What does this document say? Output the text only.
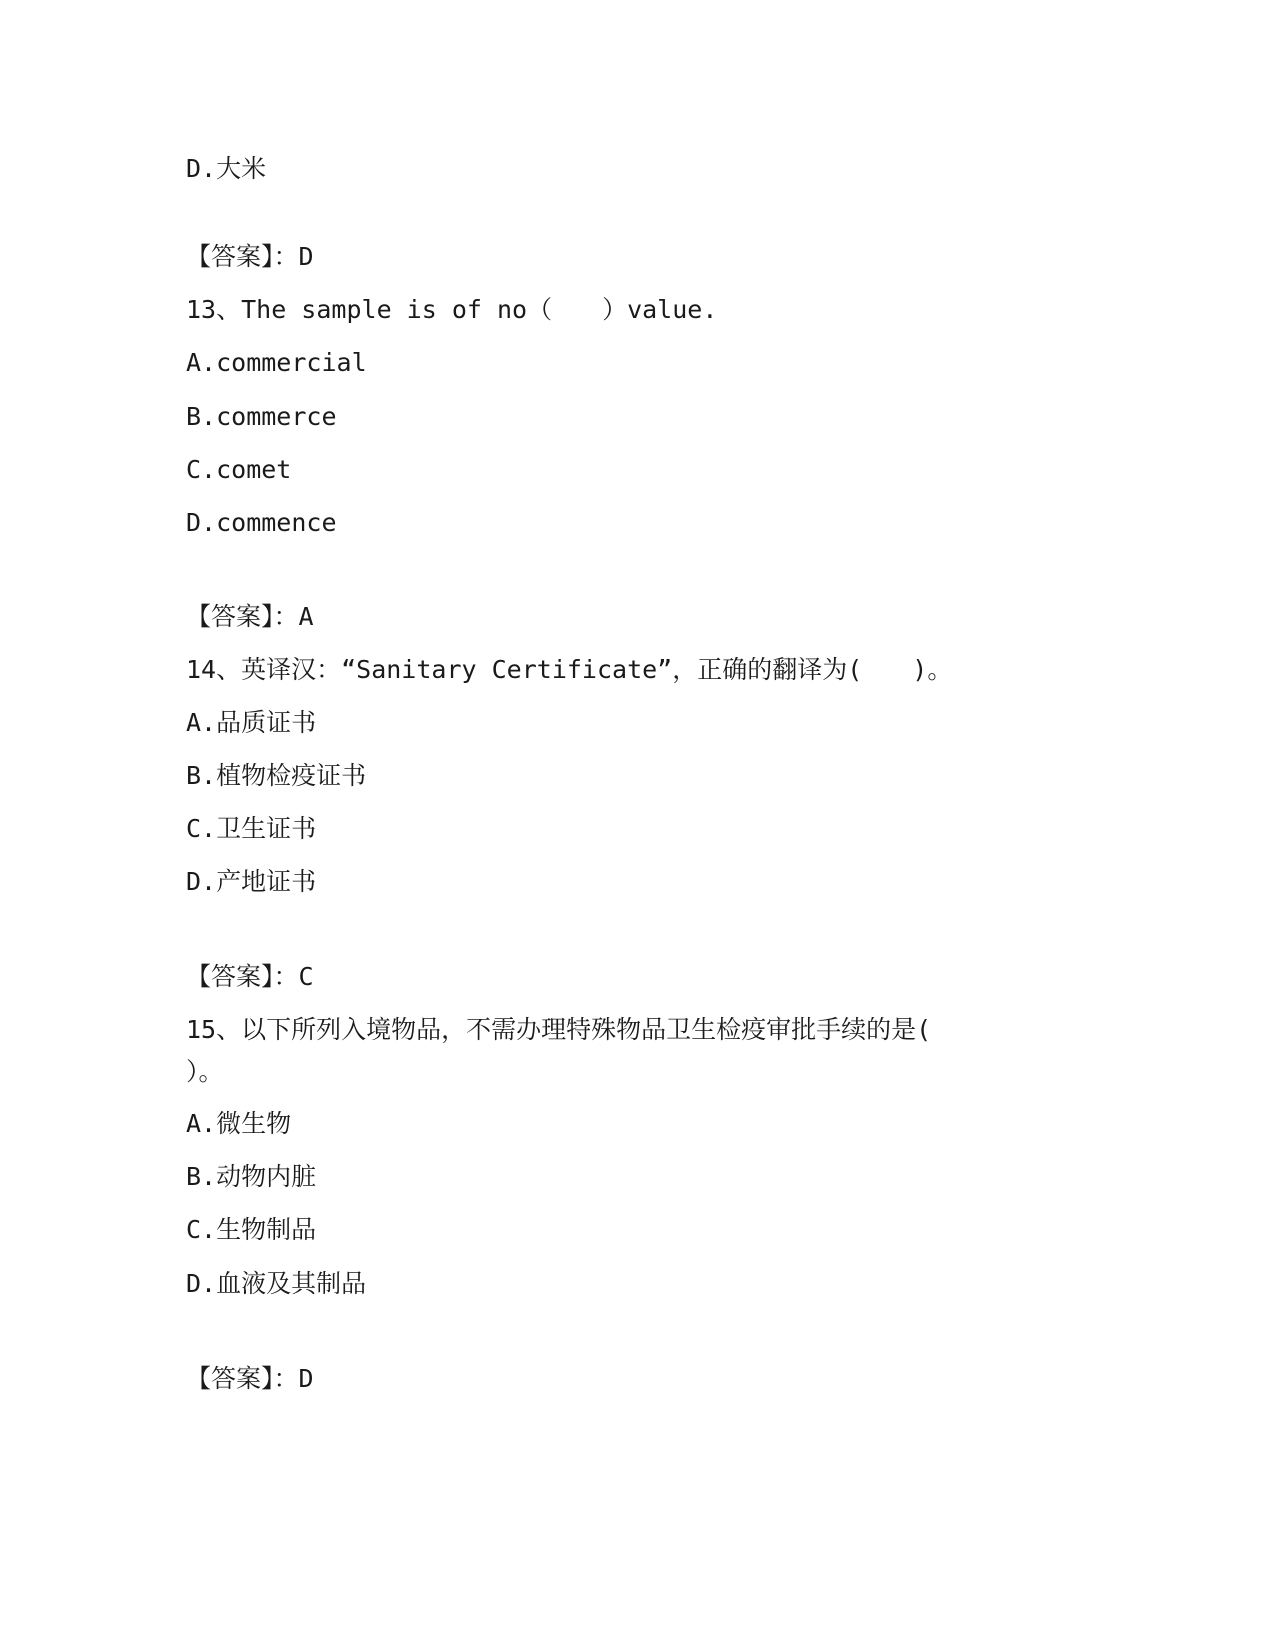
D.大米
【答案】：D
13、The sample is of no（　　）value.
A.commercial
B.commerce
C.comet
D.commence
【答案】：A
14、英译汉：“Sanitary Certificate”，正确的翻译为(　　)。
A.品质证书
B.植物检疫证书
C.卫生证书
D.产地证书
【答案】：C
15、以下所列入境物品，不需办理特殊物品卫生检疫审批手续的是(
）。
A.微生物
B.动物内脏
C.生物制品
D.血液及其制品
【答案】：D
